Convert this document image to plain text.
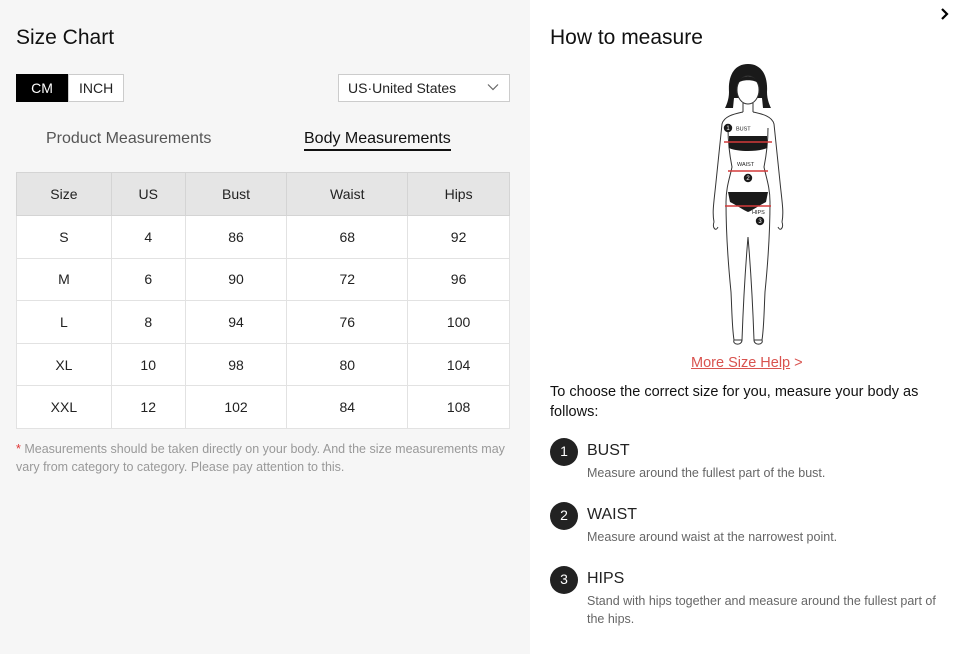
Size Chart
CM	INCH	US·United States
Product Measurements	Body Measurements
Size	US	Bust	Waist	Hips
S	4	86	68	92
M	6	90	72	96
L	8	94	76	100
XL	10	98	80	104
XXL	12	102	84	108
* Measurements should be taken directly on your body. And the size measurements may vary from category to category. Please pay attention to this.
How to measure
1 BUST
WAIST
2
HIPS
3
More Size Help >
To choose the correct size for you, measure your body as follows:
1	BUST
Measure around the fullest part of the bust.
2	WAIST
Measure around waist at the narrowest point.
3	HIPS
Stand with hips together and measure around the fullest part of the hips.
